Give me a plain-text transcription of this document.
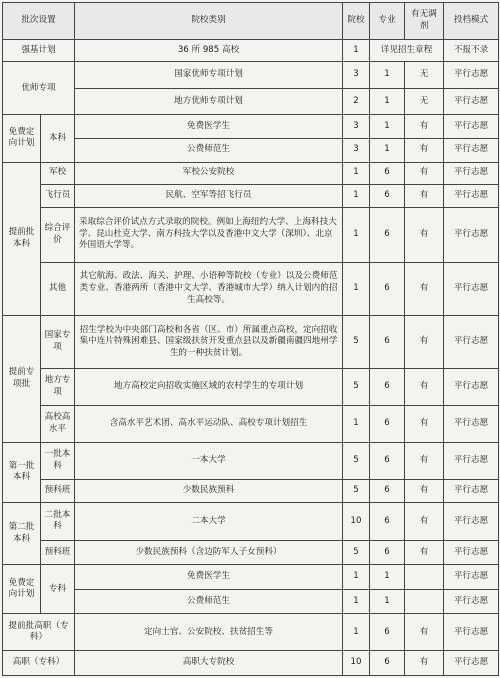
批次设置		院校类别	院校	专业	有无调剂	投档模式
强基计划		36 所 985 高校	1	详见招生章程		不报不录
优师专项		国家优师专项计划	3	1	无	平行志愿
		地方优师专项计划	2	1	无	平行志愿
免费定向计划	本科	免费医学生	3	1	有	平行志愿
		公费师范生	3	1	有	平行志愿
提前批本科	军校	军校公安院校	1	6	有	平行志愿
	飞行员	民航、空军等招飞行员	1	6	有	平行志愿
	综合评价	采取综合评价试点方式录取的院校。例如上海纽约大学、上海科技大学、昆山杜克大学、南方科技大学以及香港中文大学（深圳）、北京外国语大学等。	1	6	有	平行志愿
	其他	其它航海、政法、海关、护理、小语种等院校（专业）以及公费师范类专业、香港两所（香港中文大学、香港城市大学）纳入计划内的招生高校等。	1	6	有	平行志愿
提前专项批	国家专项	招生学校为中央部门高校和各省（区、市）所属重点高校，定向招收集中连片特殊困难县、国家级扶贫开发重点县以及新疆南疆四地州学生的一种扶贫计划。	5	6	有	平行志愿
	地方专项	地方高校定向招收实施区域的农村学生的专项计划	5	6	有	平行志愿
	高校高水平	含高水平艺术团、高水平运动队、高校专项计划招生	1	6	有	平行志愿
第一批本科	一批本科	一本大学	5	6	有	平行志愿
	预科班	少数民族预科	5	6	有	平行志愿
第二批本科	二批本科	二本大学	10	6	有	平行志愿
	预科班	少数民族预科（含边防军人子女预科）	5	6	有	平行志愿
免费定向计划	专科	免费医学生	1	1		平行志愿
		公费师范生	1	1		平行志愿
提前批高职（专科）		定向士官、公安院校、扶贫招生等	1	6	有	平行志愿
高职（专科）		高职大专院校	10	6	有	平行志愿
